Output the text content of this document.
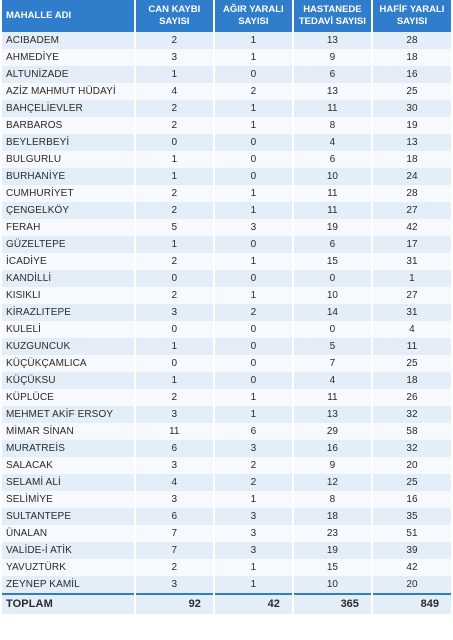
MAHALLE ADI	CAN KAYBI SAYISI	AĞIR YARALI SAYISI	HASTANEDE TEDAVİ SAYISI	HAFİF YARALI SAYISI
ACIBADEM	2	1	13	28
AHMEDİYE	3	1	9	18
ALTUNİZADE	1	0	6	16
AZİZ MAHMUT HÜDAYİ	4	2	13	25
BAHÇELİEVLER	2	1	11	30
BARBAROS	2	1	8	19
BEYLERBEYİ	0	0	4	13
BULGURLU	1	0	6	18
BURHANİYE	1	0	10	24
CUMHURİYET	2	1	11	28
ÇENGELKÖY	2	1	11	27
FERAH	5	3	19	42
GÜZELTEPE	1	0	6	17
İCADİYE	2	1	15	31
KANDİLLİ	0	0	0	1
KISIKLI	2	1	10	27
KİRAZLITEPE	3	2	14	31
KULELİ	0	0	0	4
KUZGUNCUK	1	0	5	11
KÜÇÜKÇAMLICA	0	0	7	25
KÜÇÜKSU	1	0	4	18
KÜPLÜCE	2	1	11	26
MEHMET AKİF ERSOY	3	1	13	32
MİMAR SİNAN	11	6	29	58
MURATREİS	6	3	16	32
SALACAK	3	2	9	20
SELAMİ ALİ	4	2	12	25
SELİMİYE	3	1	8	16
SULTANTEPE	6	3	18	35
ÜNALAN	7	3	23	51
VALİDE-İ ATİK	7	3	19	39
YAVUZTÜRK	2	1	15	42
ZEYNEP KAMİL	3	1	10	20
TOPLAM	92	42	365	849
